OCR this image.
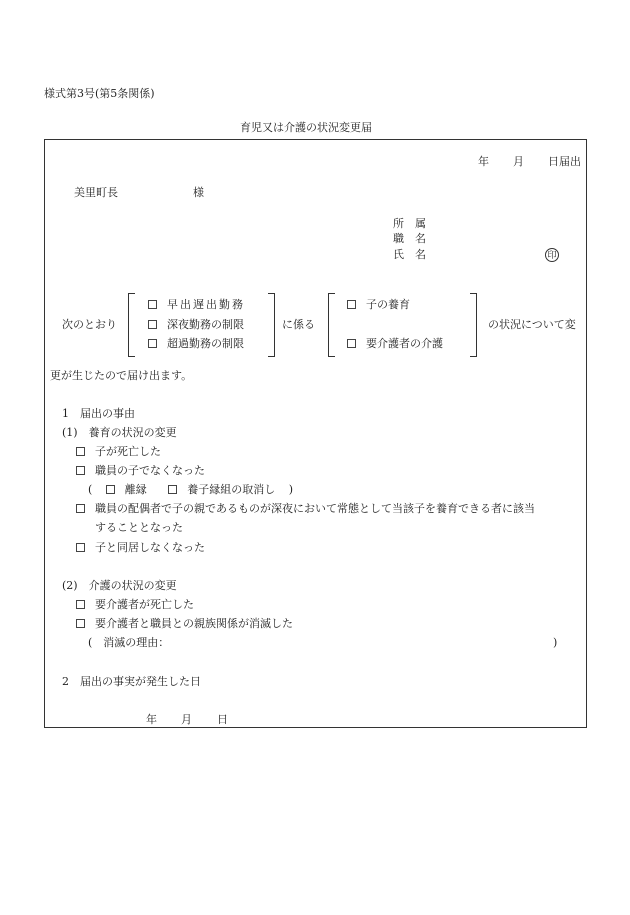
様式第3号(第5条関係)
育児又は介護の状況変更届
年 月 日届出
美里町長	様
所　属
職　名
氏　名	印
次のとおり
早出遅出勤務
深夜勤務の制限
超過勤務の制限
に係る
子の養育
要介護者の介護
の状況について変
更が生じたので届け出ます。
1　届出の事由
(1)　養育の状況の変更
子が死亡した
職員の子でなくなった
(	離縁	養子縁組の取消し )
職員の配偶者で子の親であるものが深夜において常態として当該子を養育できる者に該当
することとなった
子と同居しなくなった
(2)　介護の状況の変更
要介護者が死亡した
要介護者と職員との親族関係が消滅した
(　消滅の理由：	)
2　届出の事実が発生した日
年 月 日
